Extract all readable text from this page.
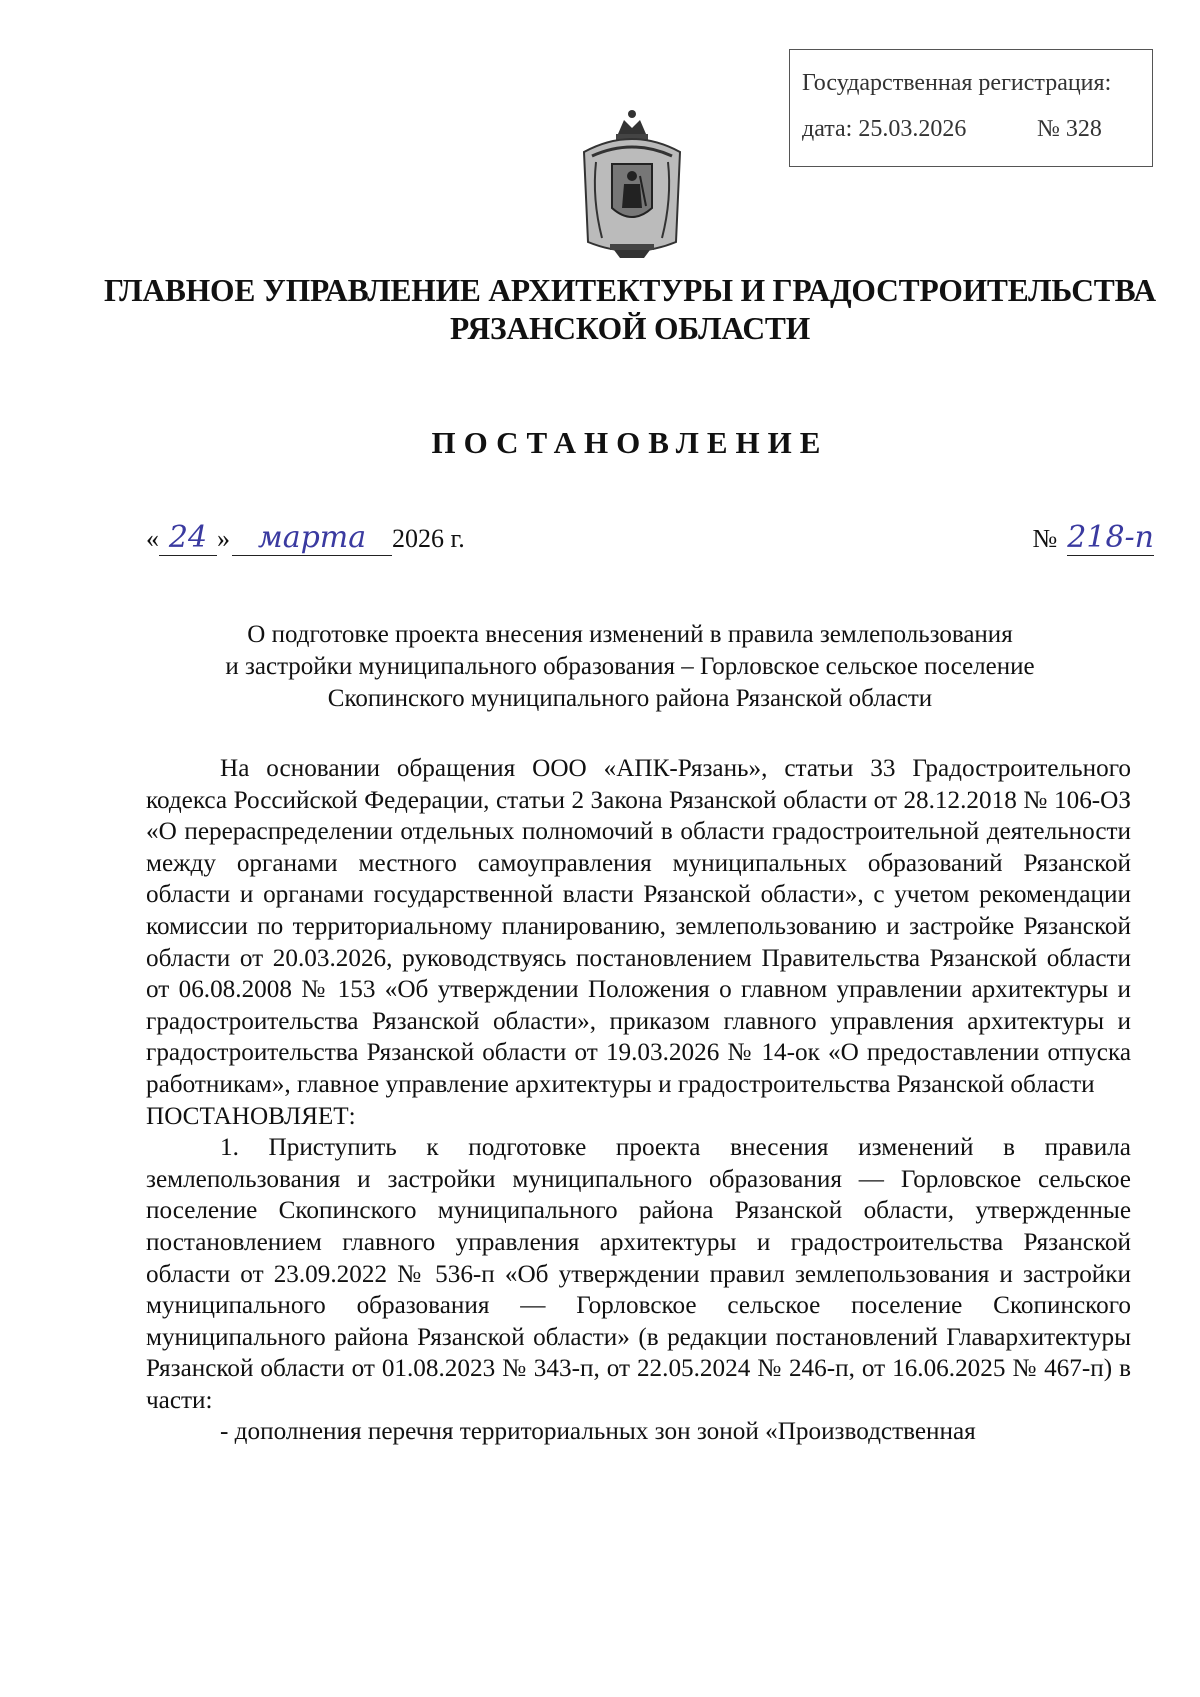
Государственная регистрация:
дата: 25.03.2026	№ 328
ГЛАВНОЕ УПРАВЛЕНИЕ АРХИТЕКТУРЫ И ГРАДОСТРОИТЕЛЬСТВА
РЯЗАНСКОЙ ОБЛАСТИ
ПОСТАНОВЛЕНИЕ
« 24 » марта 2026 г.	№ 218-п
О подготовке проекта внесения изменений в правила землепользования
и застройки муниципального образования – Горловское сельское поселение
Скопинского муниципального района Рязанской области

На основании обращения ООО «АПК-Рязань», статьи 33 Градостроительного кодекса Российской Федерации, статьи 2 Закона Рязанской области от 28.12.2018 № 106-ОЗ «О перераспределении отдельных полномочий в области градостроительной деятельности между органами местного самоуправления муниципальных образований Рязанской области и органами государственной власти Рязанской области», с учетом рекомендации комиссии по территориальному планированию, землепользованию и застройке Рязанской области от 20.03.2026, руководствуясь постановлением Правительства Рязанской области от 06.08.2008 № 153 «Об утверждении Положения о главном управлении архитектуры и градостроительства Рязанской области», приказом главного управления архитектуры и градостроительства Рязанской области от 19.03.2026 № 14-ок «О предоставлении отпуска работникам», главное управление архитектуры и градостроительства Рязанской области

ПОСТАНОВЛЯЕТ:

1. Приступить к подготовке проекта внесения изменений в правила землепользования и застройки муниципального образования — Горловское сельское поселение Скопинского муниципального района Рязанской области, утвержденные постановлением главного управления архитектуры и градостроительства Рязанской области от 23.09.2022 № 536-п «Об утверждении правил землепользования и застройки муниципального образования — Горловское сельское поселение Скопинского муниципального района Рязанской области» (в редакции постановлений Главархитектуры Рязанской области от 01.08.2023 № 343-п, от 22.05.2024 № 246-п, от 16.06.2025 № 467-п) в части:

- дополнения перечня территориальных зон зоной «Производственная
